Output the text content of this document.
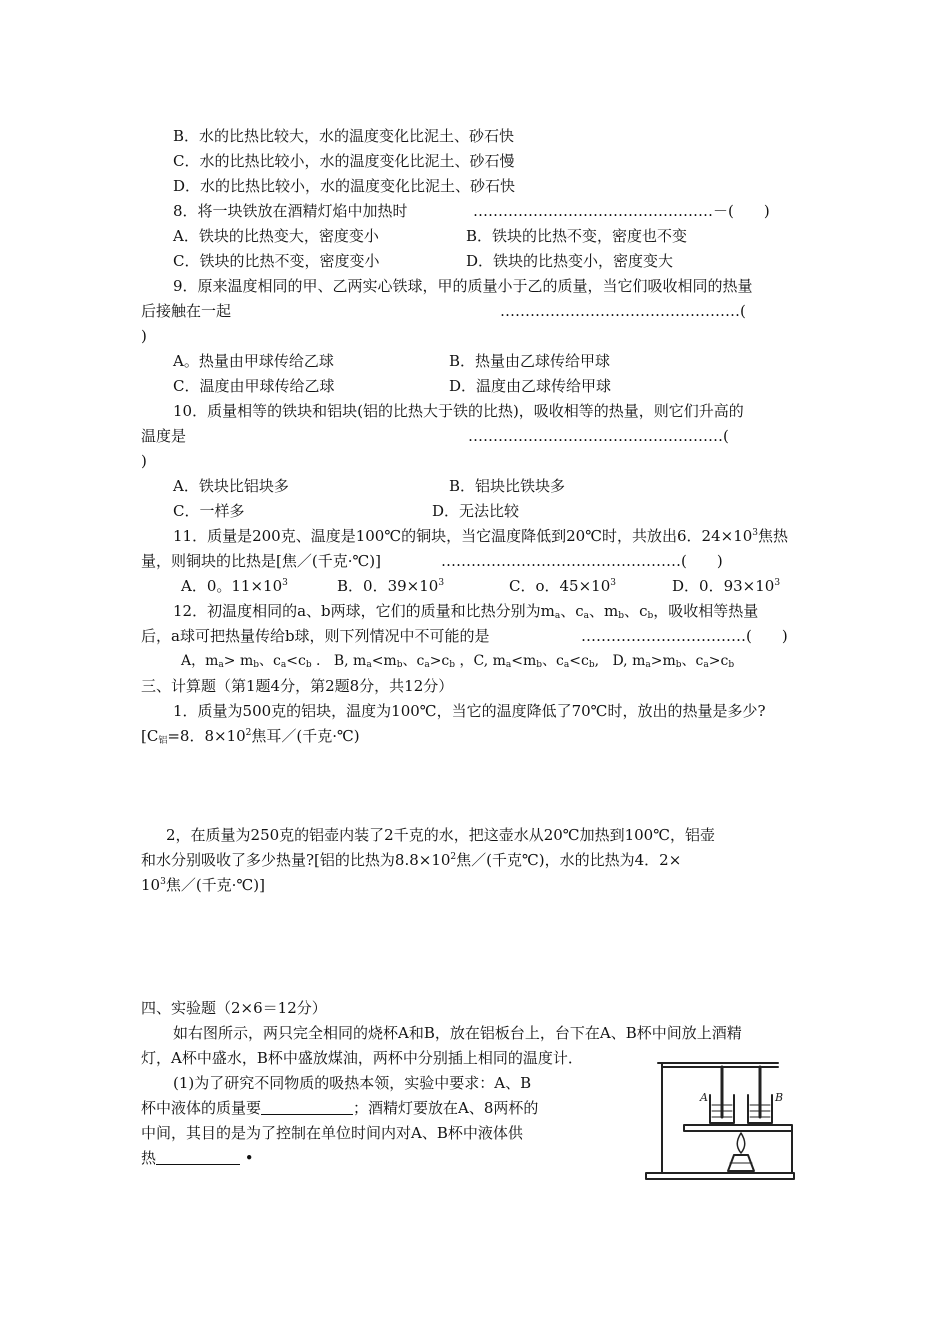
B．水的比热比较大，水的温度变化比泥土、砂石快
C．水的比热比较小，水的温度变化比泥土、砂石慢
D．水的比热比较小，水的温度变化比泥土、砂石快
8．将一块铁放在酒精灯焰中加热时	…………………………………………－(　　)
A．铁块的比热变大，密度变小	B．铁块的比热不变，密度也不变
C．铁块的比热不变，密度变小	D．铁块的比热变小，密度变大
9．原来温度相同的甲、乙两实心铁球，甲的质量小于乙的质量，当它们吸收相同的热量
后接触在一起	…………………………………………(
)
A。热量由甲球传给乙球	B．热量由乙球传给甲球
C．温度由甲球传给乙球	D．温度由乙球传给甲球
10．质量相等的铁块和铝块(铝的比热大于铁的比热)，吸收相等的热量，则它们升高的
温度是	……………………………………………(
)
A．铁块比铝块多	B．铝块比铁块多
C．一样多	D．无法比较
11．质量是200克、温度是100℃的铜块，当它温度降低到20℃时，共放出6．$24\times 10^3$焦热
量，则铜块的比热是[焦／(千克·℃)]	…………………………………………(　　)
A．0。$11\times 10^3$	B．0．$39\times 10^3$	C．o．$45\times 10^3$	D．0．$93\times 10^3$
12．初温度相同的a、b两球，它们的质量和比热分别为$m_a$、$c_a$、$m_b$、$c_b$，吸收相等热量
后，a球可把热量传给b球，则下列情况中不可能的是	……………………………(　　)
A，$m_a> m_b$、$c_a<c_b$ .   B, $m_a<m_b$、$c_a>c_b$ ，C, $m_a<m_b$、$c_a<c_b$,   D, $m_a>m_b$、$c_a>c_b$
三、计算题（第1题4分，第2题8分，共12分）
1．质量为500克的铝块，温度为100℃，当它的温度降低了70℃时，放出的热量是多少?
[$C_铝=8$．$8\times 10^2$焦耳／(千克·℃)
2，在质量为250克的铝壶内装了2千克的水，把这壶水从20℃加热到100℃，铝壶
和水分别吸收了多少热量?[铝的比热为$8.8\times 10^2$焦／(千克℃)，水的比热为4．2×
$10^3$焦／(千克·℃)]
四、实验题（2×6＝12分）
如右图所示，两只完全相同的烧杯A和B，放在铝板台上，台下在A、B杯中间放上酒精
灯，A杯中盛水，B杯中盛放煤油，两杯中分别插上相同的温度计．
(1)为了研究不同物质的吸热本领，实验中要求：A、B
杯中液体的质量要	；酒精灯要放在A、8两杯的
中间，其目的是为了控制在单位时间内对A、B杯中液体供
热	•
A	B
